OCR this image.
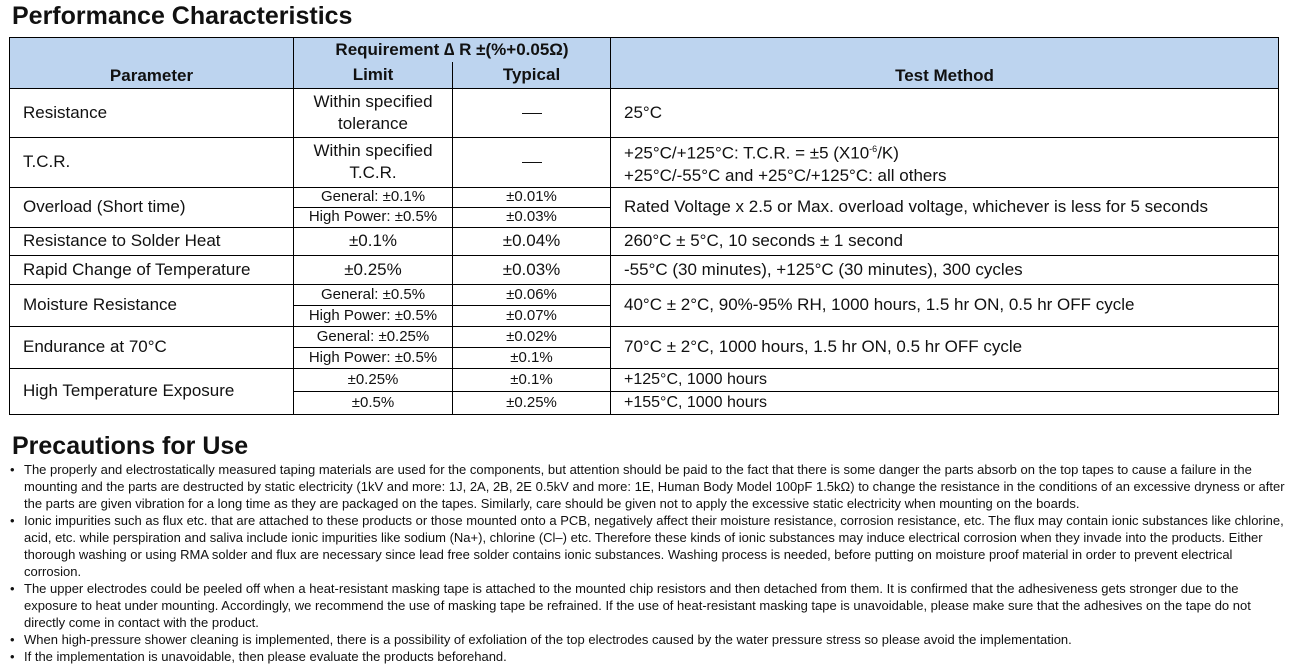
Performance Characteristics
Parameter	Requirement ∆ R ±(%+0.05Ω)		Test Method
	Limit	Typical	
Resistance	Within specified tolerance		25°C
T.C.R.	Within specified T.C.R.		+25°C/+125°C: T.C.R. = ±5 $(X10^{-6}/K)$
+25°C/-55°C and +25°C/+125°C: all others

Overload (Short time)	General: ±0.1%	±0.01%	Rated Voltage x 2.5 or Max. overload voltage, whichever is less for 5 seconds
	High Power: ±0.5%	±0.03%	
Resistance to Solder Heat	±0.1%	±0.04%	260°C ± 5°C, 10 seconds ± 1 second
Rapid Change of Temperature	±0.25%	±0.03%	-55°C (30 minutes), +125°C (30 minutes), 300 cycles
Moisture Resistance	General: ±0.5%	±0.06%	40°C ± 2°C, 90%-95% RH, 1000 hours, 1.5 hr ON, 0.5 hr OFF cycle
	High Power: ±0.5%	±0.07%	
Endurance at 70°C	General: ±0.25%	±0.02%	70°C ± 2°C, 1000 hours, 1.5 hr ON, 0.5 hr OFF cycle
	High Power: ±0.5%	±0.1%	
High Temperature Exposure	±0.25%	±0.1%	+125°C, 1000 hours
	±0.5%	±0.25%	+155°C, 1000 hours
Precautions for Use
• The properly and electrostatically measured taping materials are used for the components, but attention should be paid to the fact that there is some danger the parts absorb on the top tapes to cause a failure in the mounting and the parts are destructed by static electricity (1kV and more: 1J, 2A, 2B, 2E 0.5kV and more: 1E, Human Body Model 100pF 1.5kΩ) to change the resistance in the conditions of an excessive dryness or after the parts are given vibration for a long time as they are packaged on the tapes. Similarly, care should be given not to apply the excessive static electricity when mounting on the boards.
• Ionic impurities such as flux etc. that are attached to these products or those mounted onto a PCB, negatively affect their moisture resistance, corrosion resistance, etc. The flux may contain ionic substances like chlorine, acid, etc. while perspiration and saliva include ionic impurities like sodium (Na+), chlorine (Cl–) etc. Therefore these kinds of ionic substances may induce electrical corrosion when they invade into the products. Either thorough washing or using RMA solder and flux are necessary since lead free solder contains ionic substances. Washing process is needed, before putting on moisture proof material in order to prevent electrical corrosion.
• The upper electrodes could be peeled off when a heat-resistant masking tape is attached to the mounted chip resistors and then detached from them. It is confirmed that the adhesiveness gets stronger due to the exposure to heat under mounting. Accordingly, we recommend the use of masking tape be refrained. If the use of heat-resistant masking tape is unavoidable, please make sure that the adhesives on the tape do not directly come in contact with the product.
• When high-pressure shower cleaning is implemented, there is a possibility of exfoliation of the top electrodes caused by the water pressure stress so please avoid the implementation.
• If the implementation is unavoidable, then please evaluate the products beforehand.
